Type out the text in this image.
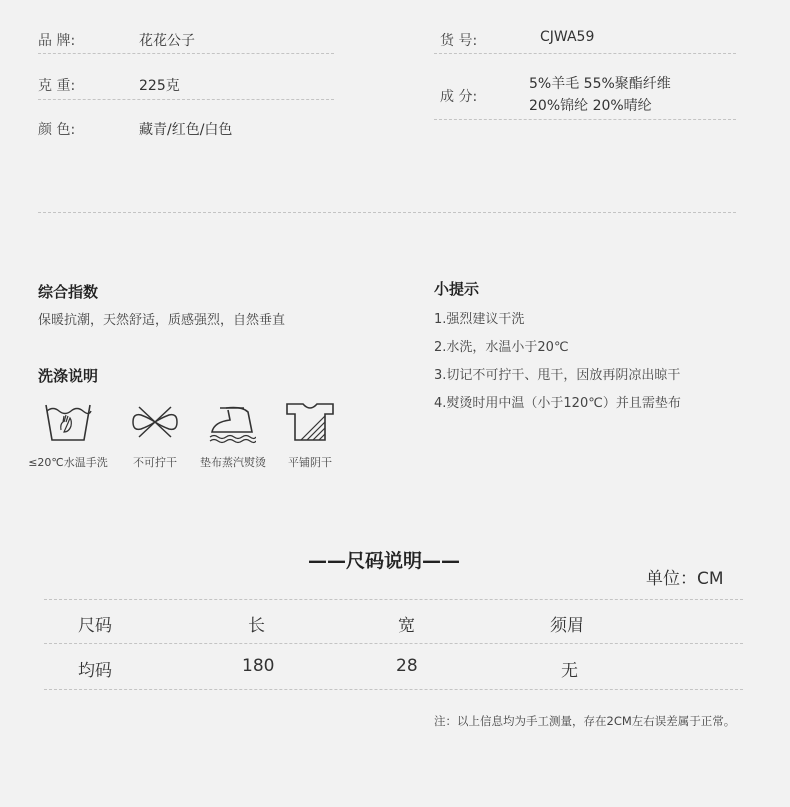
品 牌:	花花公子
克 重:	225克
颜 色:	藏青/红色/白色
货 号:	CJWA59
成 分:
5%羊毛 55%聚酯纤维
20%锦纶 20%晴纶
综合指数
保暖抗潮，天然舒适，质感强烈，自然垂直
洗涤说明
≤20℃水温手洗	不可拧干	垫布蒸汽熨烫	平铺阴干
小提示
1.强烈建议干洗
2.水洗，水温小于20℃
3.切记不可拧干、甩干，因放再阴凉出晾干
4.熨烫时用中温（小于120℃）并且需垫布
——尺码说明——
单位：CM
尺码	长	宽	须眉
均码	180	28	无
注：以上信息均为手工测量，存在2CM左右误差属于正常。
